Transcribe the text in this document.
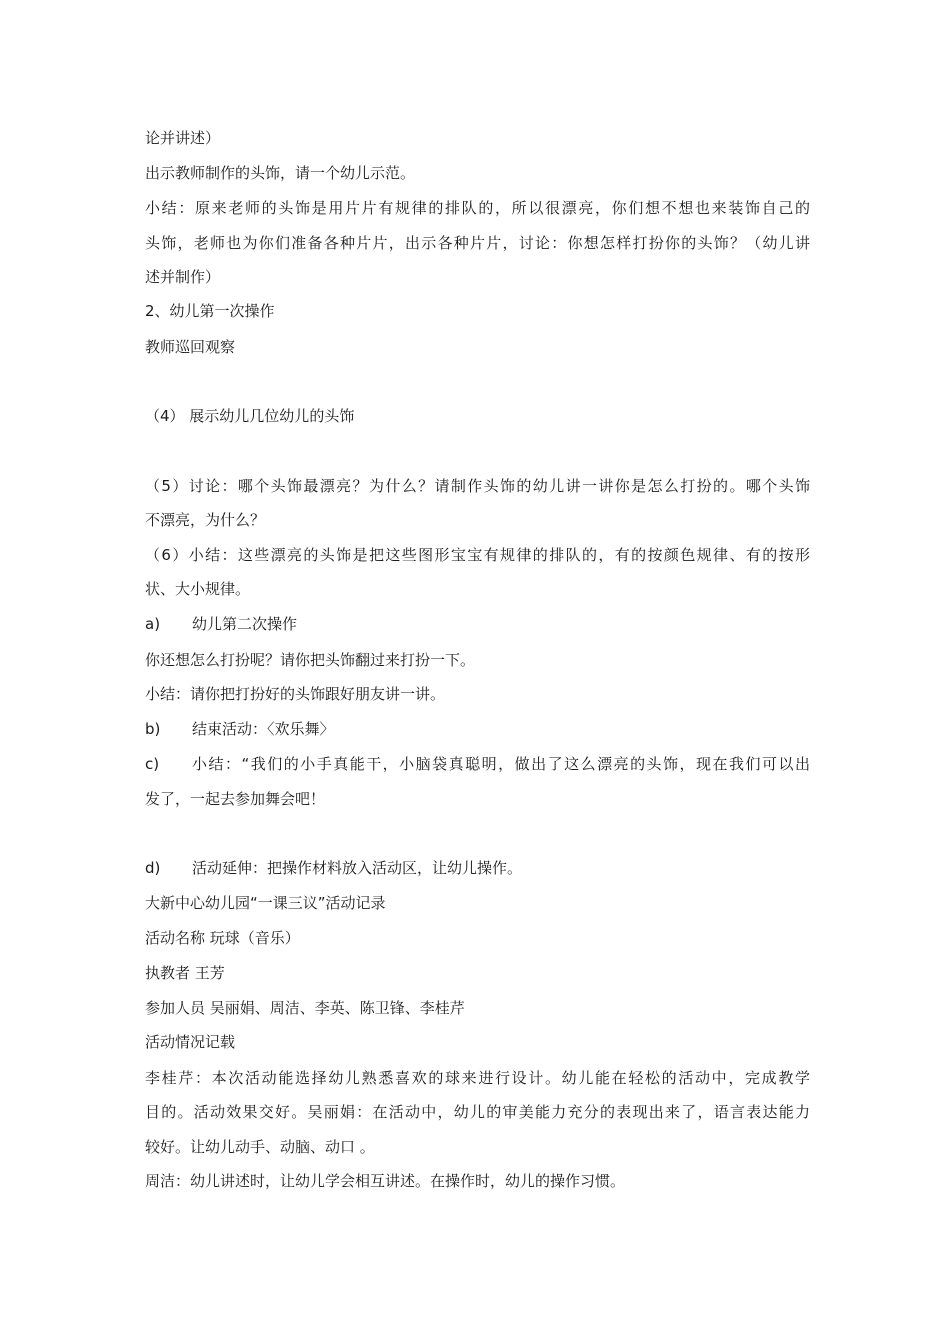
论并讲述）
出示教师制作的头饰，请一个幼儿示范。
小结：原来老师的头饰是用片片有规律的排队的，所以很漂亮，你们想不想也来装饰自己的
头饰，老师也为你们准备各种片片，出示各种片片，讨论：你想怎样打扮你的头饰？（幼儿讲
述并制作）
2、幼儿第一次操作
教师巡回观察
（4） 展示幼儿几位幼儿的头饰
（5）讨论：哪个头饰最漂亮？为什么？请制作头饰的幼儿讲一讲你是怎么打扮的。哪个头饰
不漂亮，为什么？
（6）小结：这些漂亮的头饰是把这些图形宝宝有规律的排队的，有的按颜色规律、有的按形
状、大小规律。
a) 幼儿第二次操作
你还想怎么打扮呢？请你把头饰翻过来打扮一下。
小结：请你把打扮好的头饰跟好朋友讲一讲。
b) 结束活动：〈欢乐舞〉
c)	小结：“我们的小手真能干，小脑袋真聪明，做出了这么漂亮的头饰，现在我们可以出
发了，一起去参加舞会吧！
d) 活动延伸：把操作材料放入活动区，让幼儿操作。
大新中心幼儿园“一课三议”活动记录
活动名称 玩球（音乐）
执教者 王芳
参加人员 吴丽娟、周洁、李英、陈卫锋、李桂芹
活动情况记载
李桂芹：本次活动能选择幼儿熟悉喜欢的球来进行设计。幼儿能在轻松的活动中，完成教学
目的。活动效果交好。吴丽娟：在活动中，幼儿的审美能力充分的表现出来了，语言表达能力
较好。让幼儿动手、动脑、动口 。
周洁：幼儿讲述时，让幼儿学会相互讲述。在操作时，幼儿的操作习惯。
